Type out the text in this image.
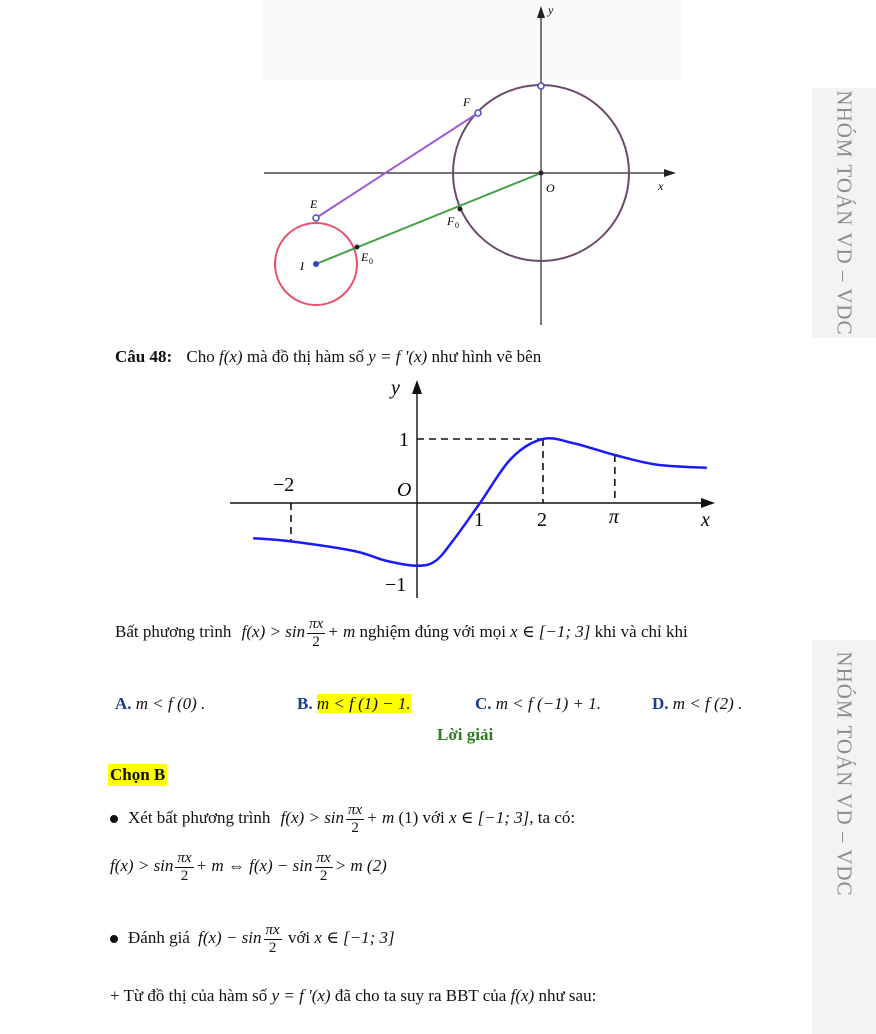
NHÓM TOÁN VD – VDC
NHÓM TOÁN VD – VDC
y
x
O
F
E
F 0
E 0
I
Câu 48: Cho f(x) mà đồ thị hàm số y = f '(x) như hình vẽ bên
y
x
O
−2
1	2	π
1
−1
Bất phương trình $f(x) > \sin \frac{\pi x}{2} + m$ nghiệm đúng với mọi x ∈ [−1; 3] khi và chỉ khi
A. m < f (0) .	B. m < f (1) − 1.	C. m < f (−1) + 1.	D. m < f (2) .
Lời giải
Chọn B
Xét bất phương trình $f(x) > \sin \frac{\pi x}{2} + m$ (1) với x ∈ [−1; 3], ta có:
$f(x) > \sin \frac{\pi x}{2} + m$ ⇔ $f(x) - \sin \frac{\pi x}{2} > m$ (2)
Đánh giá $f(x) - \sin \frac{\pi x}{2}$ với x ∈ [−1; 3]
+ Từ đồ thị của hàm số y = f '(x) đã cho ta suy ra BBT của f(x) như sau:
